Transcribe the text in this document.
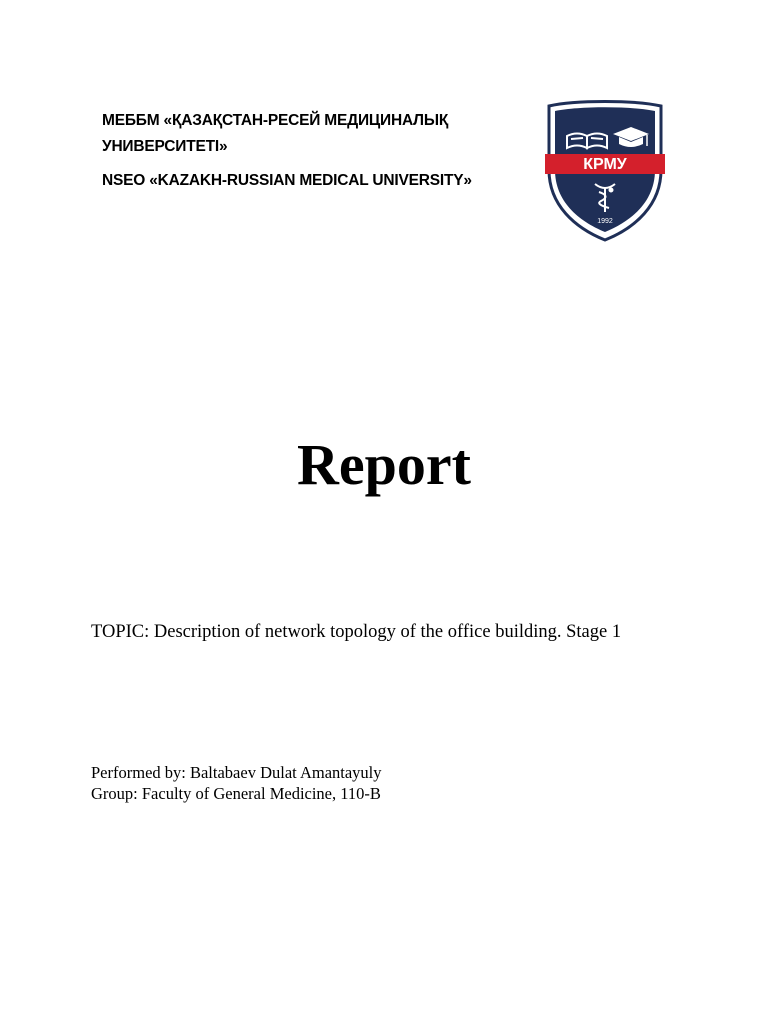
МЕББМ «ҚАЗАҚСТАН-РЕСЕЙ МЕДИЦИНАЛЫҚ
УНИВЕРСИТЕТІ»
NSEO «KAZAKH-RUSSIAN MEDICAL UNIVERSITY»
КРМУ
1992
Report
TOPIC: Description of network topology of the office building. Stage 1
Performed by: Baltabaev Dulat Amantayuly
Group: Faculty of General Medicine, 110-B
